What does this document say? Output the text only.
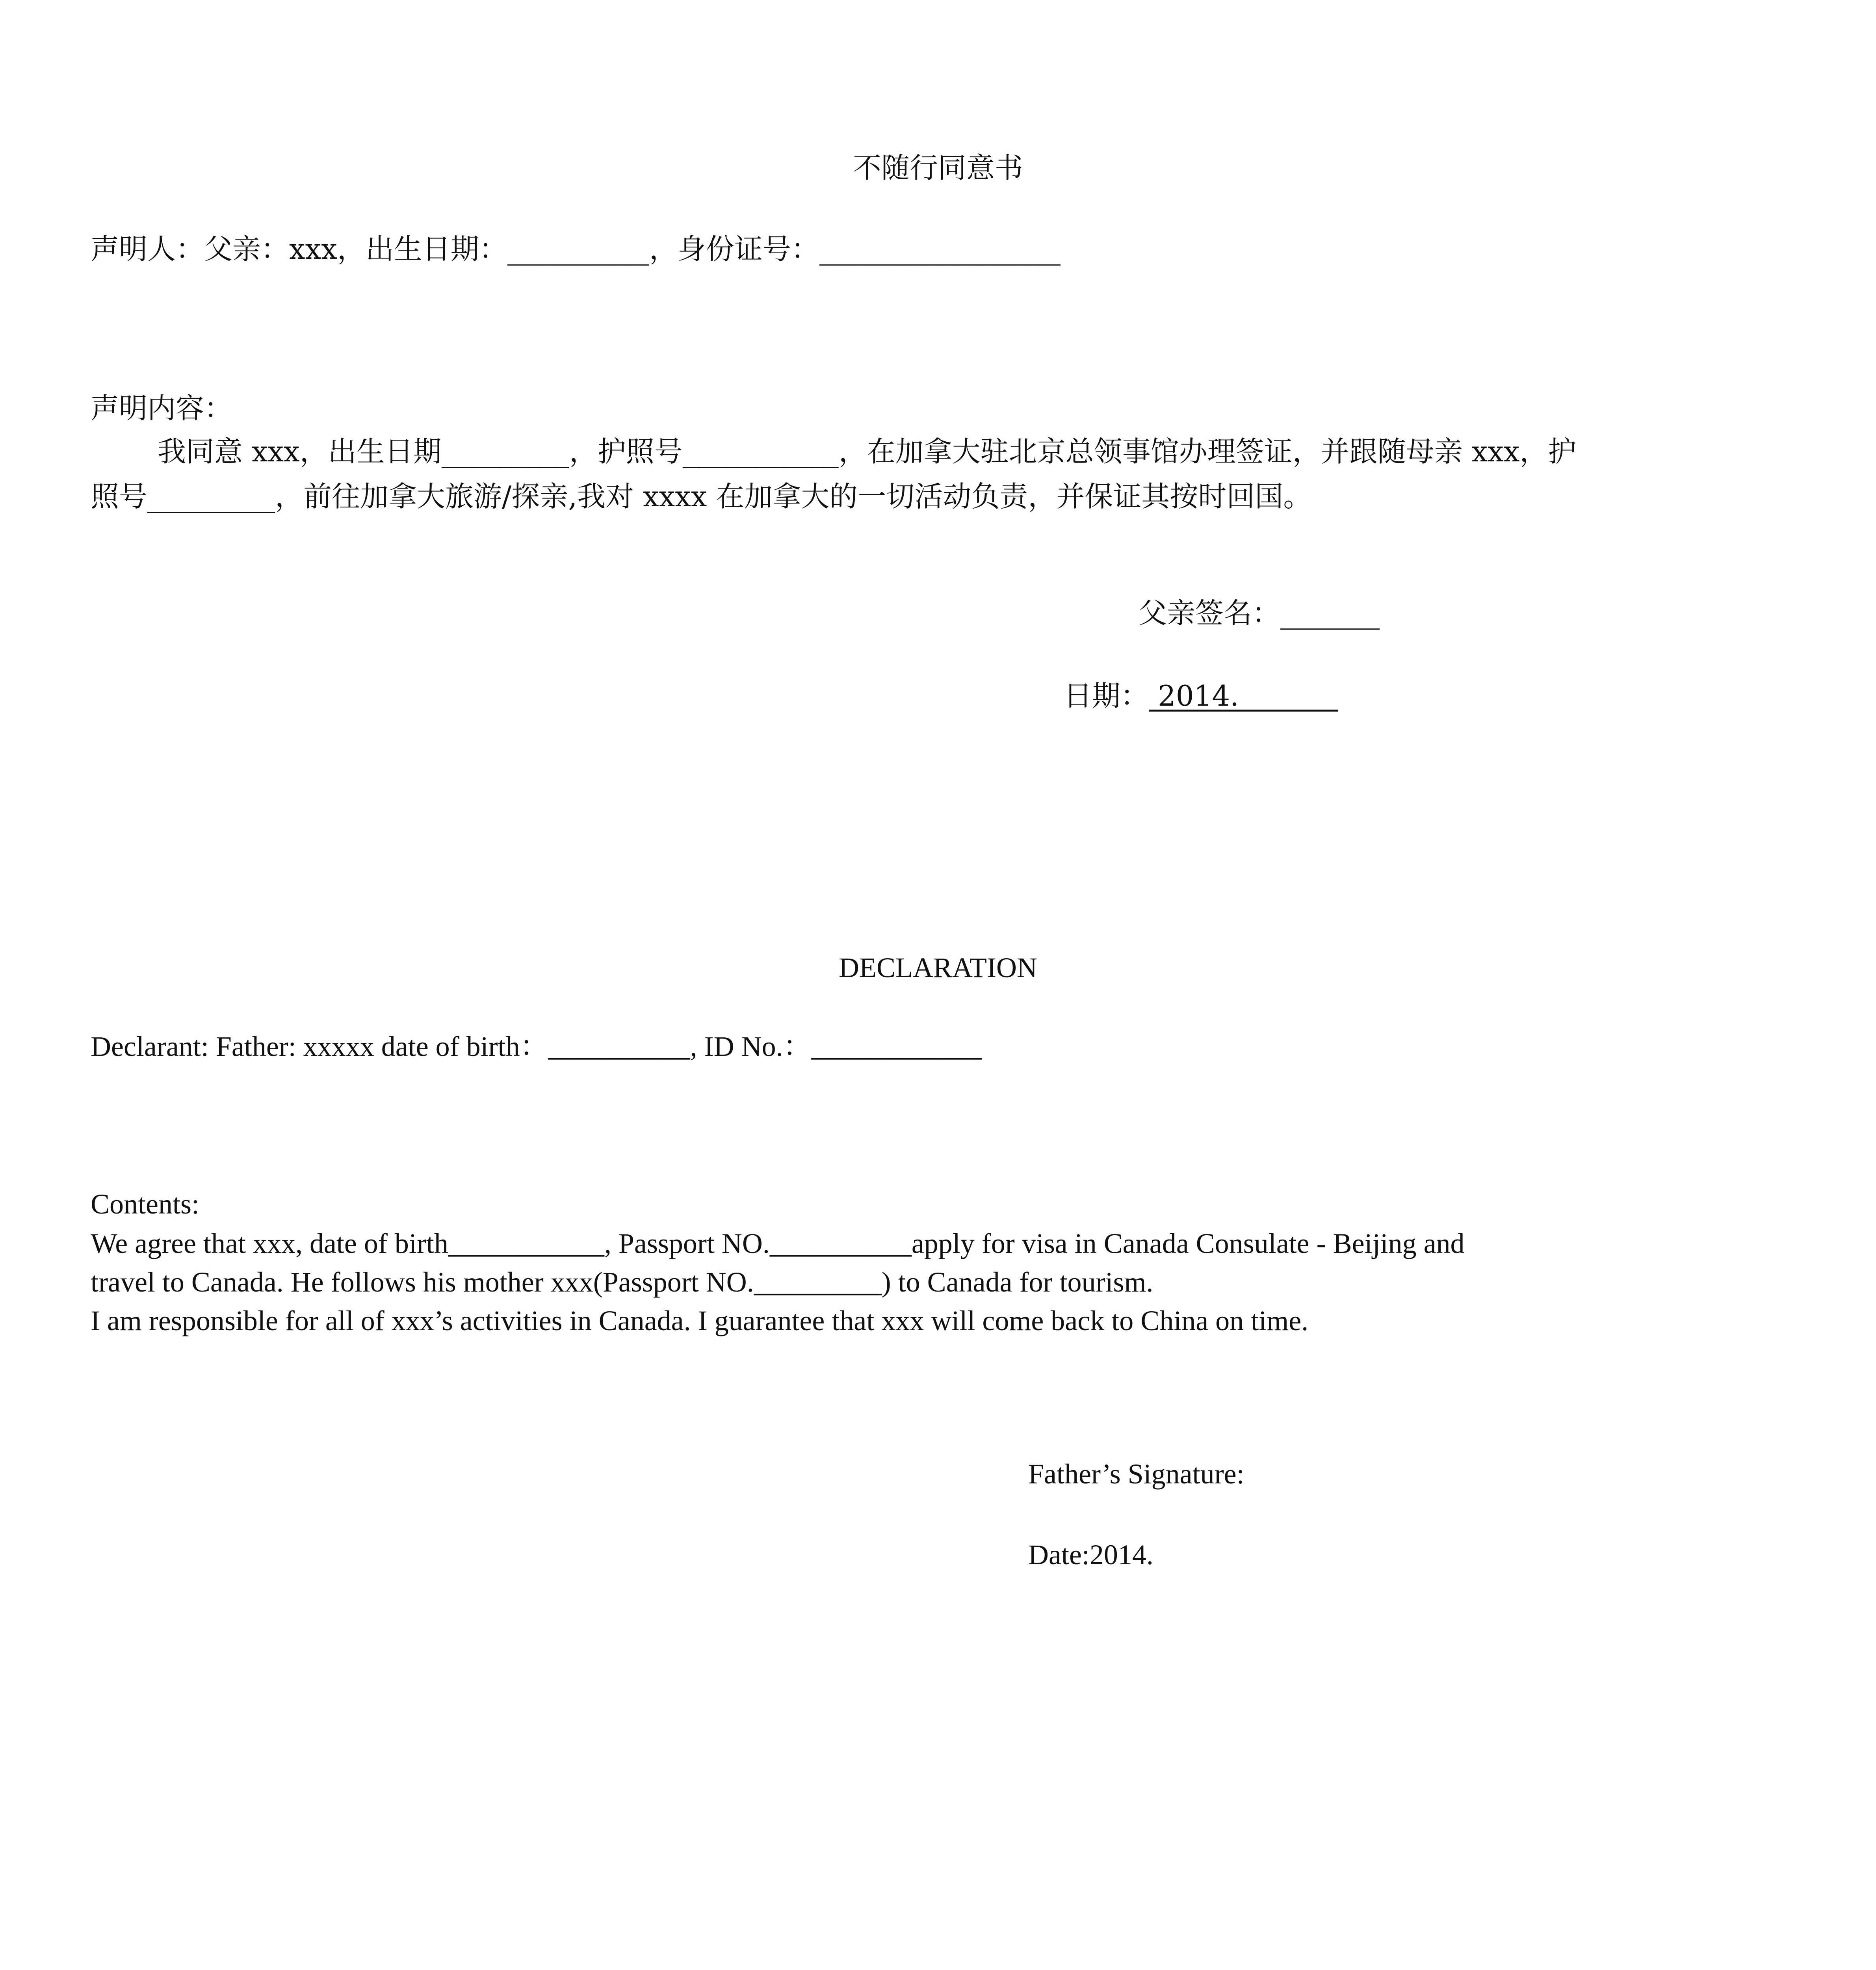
不随行同意书
声明人：父亲：xxx，出生日期：__________，身份证号：_________________
声明内容：
我同意 xxx，出生日期_________，护照号___________，在加拿大驻北京总领事馆办理签证，并跟随母亲 xxx，护
照号_________，前往加拿大旅游/探亲,我对 xxxx 在加拿大的一切活动负责，并保证其按时回国。
父亲签名：_______
日期： 2014.
DECLARATION
Declarant: Father: xxxxx date of birth：__________, ID No.：____________
Contents:
We agree that xxx, date of birth___________, Passport NO.__________apply for visa in Canada Consulate - Beijing and
travel to Canada. He follows his mother xxx(Passport NO._________) to Canada for tourism.
I am responsible for all of xxx’s activities in Canada. I guarantee that xxx will come back to China on time.
Father’s Signature:
Date:2014.
